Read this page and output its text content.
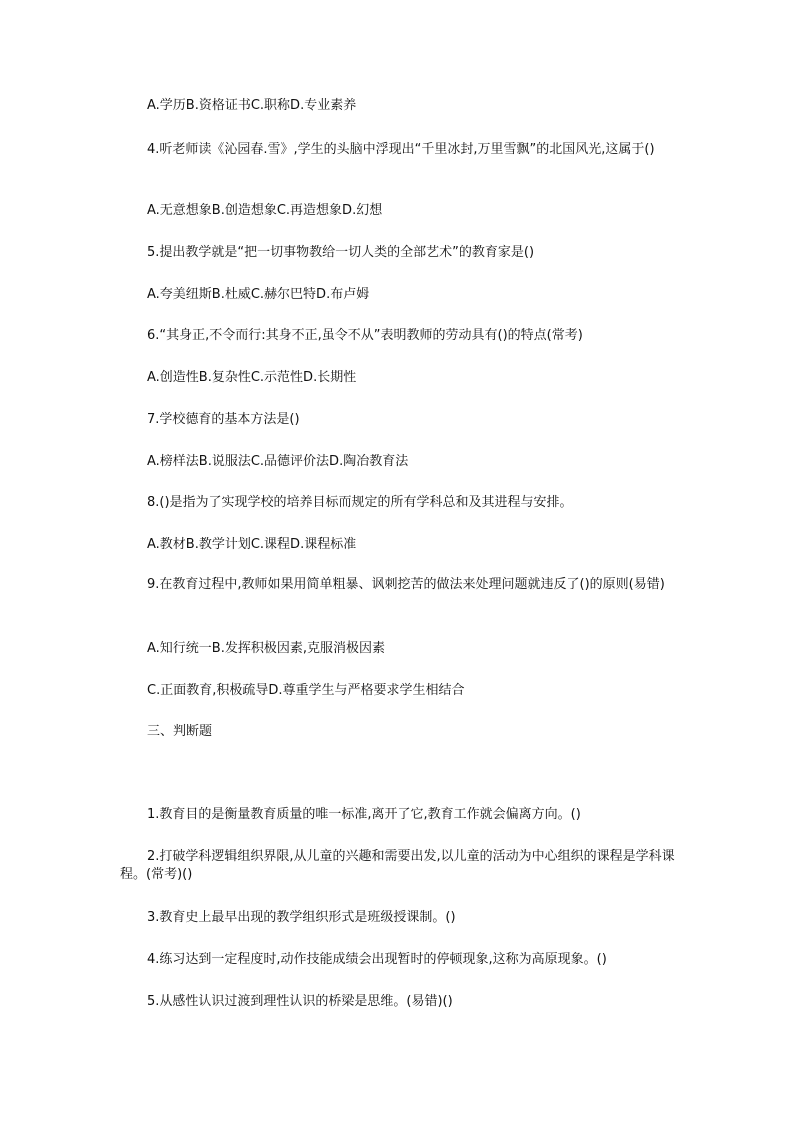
A.学历B.资格证书C.职称D.专业素养
4.听老师读《沁园春.雪》,学生的头脑中浮现出“千里冰封,万里雪飘”的北国风光,这属于()
A.无意想象B.创造想象C.再造想象D.幻想
5.提出教学就是“把一切事物教给一切人类的全部艺术”的教育家是()
A.夸美纽斯B.杜威C.赫尔巴特D.布卢姆
6.“其身正,不令而行:其身不正,虽令不从”表明教师的劳动具有()的特点(常考)
A.创造性B.复杂性C.示范性D.长期性
7.学校德育的基本方法是()
A.榜样法B.说服法C.品德评价法D.陶冶教育法
8.()是指为了实现学校的培养目标而规定的所有学科总和及其进程与安排。
A.教材B.教学计划C.课程D.课程标准
9.在教育过程中,教师如果用简单粗暴、讽刺挖苦的做法来处理问题就违反了()的原则(易错)
A.知行统一B.发挥积极因素,克服消极因素
C.正面教育,积极疏导D.尊重学生与严格要求学生相结合
三、判断题
1.教育目的是衡量教育质量的唯一标准,离开了它,教育工作就会偏离方向。()
2.打破学科逻辑组织界限,从儿童的兴趣和需要出发,以儿童的活动为中心组织的课程是学科课程。(常考)()
3.教育史上最早出现的教学组织形式是班级授课制。()
4.练习达到一定程度时,动作技能成绩会出现暂时的停顿现象,这称为高原现象。()
5.从感性认识过渡到理性认识的桥梁是思维。(易错)()
